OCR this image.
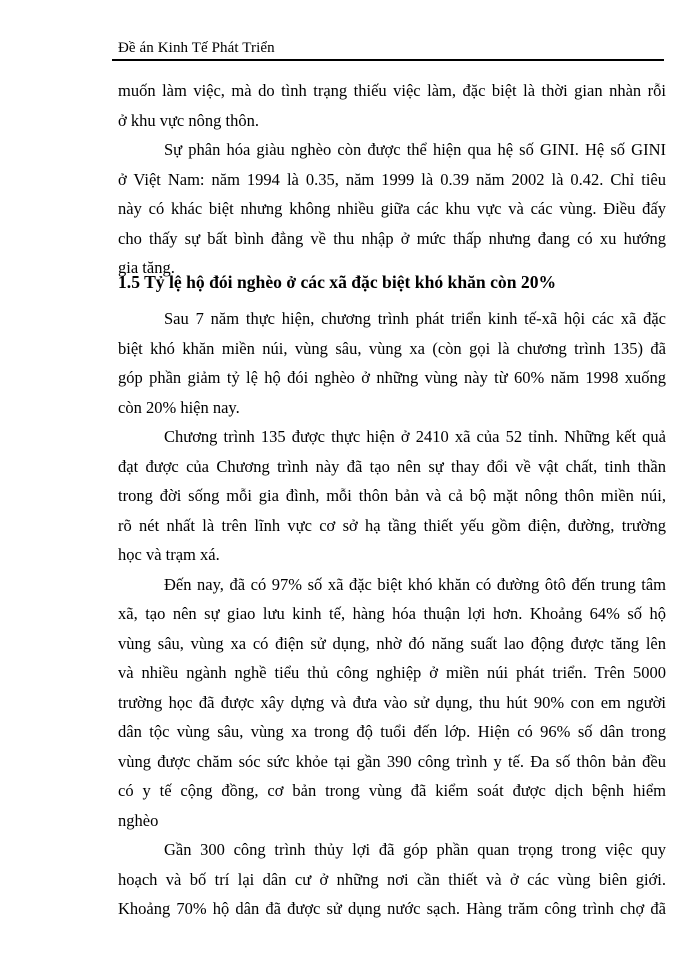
Đề án Kinh Tế Phát Triển
muốn làm việc, mà do tình trạng thiếu việc làm, đặc biệt là thời gian nhàn rỗi
ở khu vực nông thôn.
Sự phân hóa giàu nghèo còn được thể hiện qua hệ số GINI. Hệ số GINI
ở Việt Nam: năm 1994 là 0.35, năm 1999 là 0.39 năm 2002 là 0.42. Chỉ tiêu
này có khác biệt nhưng không nhiều giữa các khu vực và các vùng. Điều đấy
cho thấy sự bất bình đẳng về thu nhập ở mức thấp nhưng đang có xu hướng
gia tăng.
1.5 Tỷ lệ hộ đói nghèo ở các xã đặc biệt khó khăn còn 20%
Sau 7 năm thực hiện, chương trình phát triển kinh tế-xã hội các xã đặc
biệt khó khăn miền núi, vùng sâu, vùng xa (còn gọi là chương trình 135) đã
góp phần giảm tỷ lệ hộ đói nghèo ở những vùng này từ 60% năm 1998 xuống
còn 20% hiện nay.
Chương trình 135 được thực hiện ở 2410 xã của 52 tỉnh. Những kết quả
đạt được của Chương trình này đã tạo nên sự thay đổi về vật chất, tinh thần
trong đời sống mỗi gia đình, mỗi thôn bản và cả bộ mặt nông thôn miền núi,
rõ nét nhất là trên lĩnh vực cơ sở hạ tầng thiết yếu gồm điện, đường, trường
học và trạm xá.
Đến nay, đã có 97% số xã đặc biệt khó khăn có đường ôtô đến trung tâm
xã, tạo nên sự giao lưu kinh tế, hàng hóa thuận lợi hơn. Khoảng 64% số hộ
vùng sâu, vùng xa có điện sử dụng, nhờ đó năng suất lao động được tăng lên
và nhiều ngành nghề tiểu thủ công nghiệp ở miền núi phát triển. Trên 5000
trường học đã được xây dựng và đưa vào sử dụng, thu hút 90% con em người
dân tộc vùng sâu, vùng xa trong độ tuổi đến lớp. Hiện có 96% số dân trong
vùng được chăm sóc sức khỏe tại gần 390 công trình y tế. Đa số thôn bản đều
có y tế cộng đồng, cơ bản trong vùng đã kiểm soát được dịch bệnh hiểm
nghèo
Gần 300 công trình thủy lợi đã góp phần quan trọng trong việc quy
hoạch và bố trí lại dân cư ở những nơi cần thiết và ở các vùng biên giới.
Khoảng 70% hộ dân đã được sử dụng nước sạch. Hàng trăm công trình chợ đã
